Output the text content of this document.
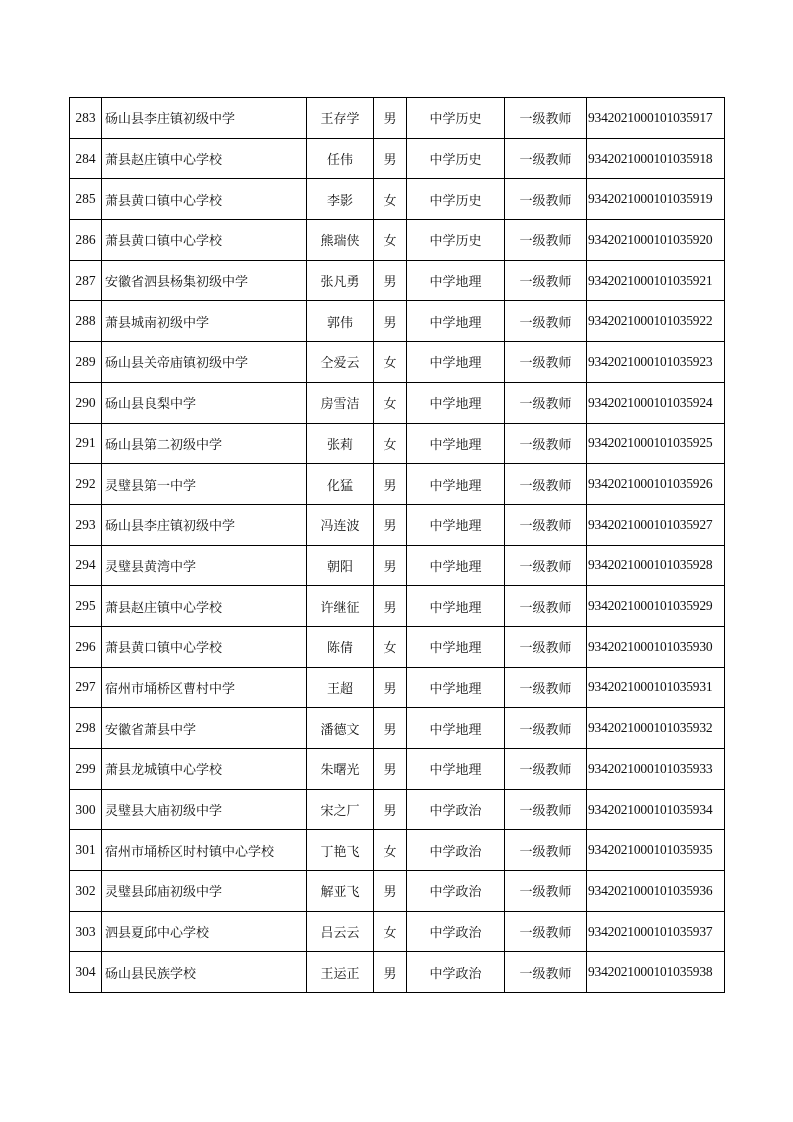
283	砀山县李庄镇初级中学	王存学	男	中学历史	一级教师	9342021000101035917
284	萧县赵庄镇中心学校	任伟	男	中学历史	一级教师	9342021000101035918
285	萧县黄口镇中心学校	李影	女	中学历史	一级教师	9342021000101035919
286	萧县黄口镇中心学校	熊瑞侠	女	中学历史	一级教师	9342021000101035920
287	安徽省泗县杨集初级中学	张凡勇	男	中学地理	一级教师	9342021000101035921
288	萧县城南初级中学	郭伟	男	中学地理	一级教师	9342021000101035922
289	砀山县关帝庙镇初级中学	仝爱云	女	中学地理	一级教师	9342021000101035923
290	砀山县良梨中学	房雪洁	女	中学地理	一级教师	9342021000101035924
291	砀山县第二初级中学	张莉	女	中学地理	一级教师	9342021000101035925
292	灵璧县第一中学	化猛	男	中学地理	一级教师	9342021000101035926
293	砀山县李庄镇初级中学	冯连波	男	中学地理	一级教师	9342021000101035927
294	灵璧县黄湾中学	朝阳	男	中学地理	一级教师	9342021000101035928
295	萧县赵庄镇中心学校	许继征	男	中学地理	一级教师	9342021000101035929
296	萧县黄口镇中心学校	陈倩	女	中学地理	一级教师	9342021000101035930
297	宿州市埇桥区曹村中学	王超	男	中学地理	一级教师	9342021000101035931
298	安徽省萧县中学	潘德文	男	中学地理	一级教师	9342021000101035932
299	萧县龙城镇中心学校	朱曙光	男	中学地理	一级教师	9342021000101035933
300	灵璧县大庙初级中学	宋之厂	男	中学政治	一级教师	9342021000101035934
301	宿州市埇桥区时村镇中心学校	丁艳飞	女	中学政治	一级教师	9342021000101035935
302	灵璧县邱庙初级中学	解亚飞	男	中学政治	一级教师	9342021000101035936
303	泗县夏邱中心学校	吕云云	女	中学政治	一级教师	9342021000101035937
304	砀山县民族学校	王运正	男	中学政治	一级教师	9342021000101035938
